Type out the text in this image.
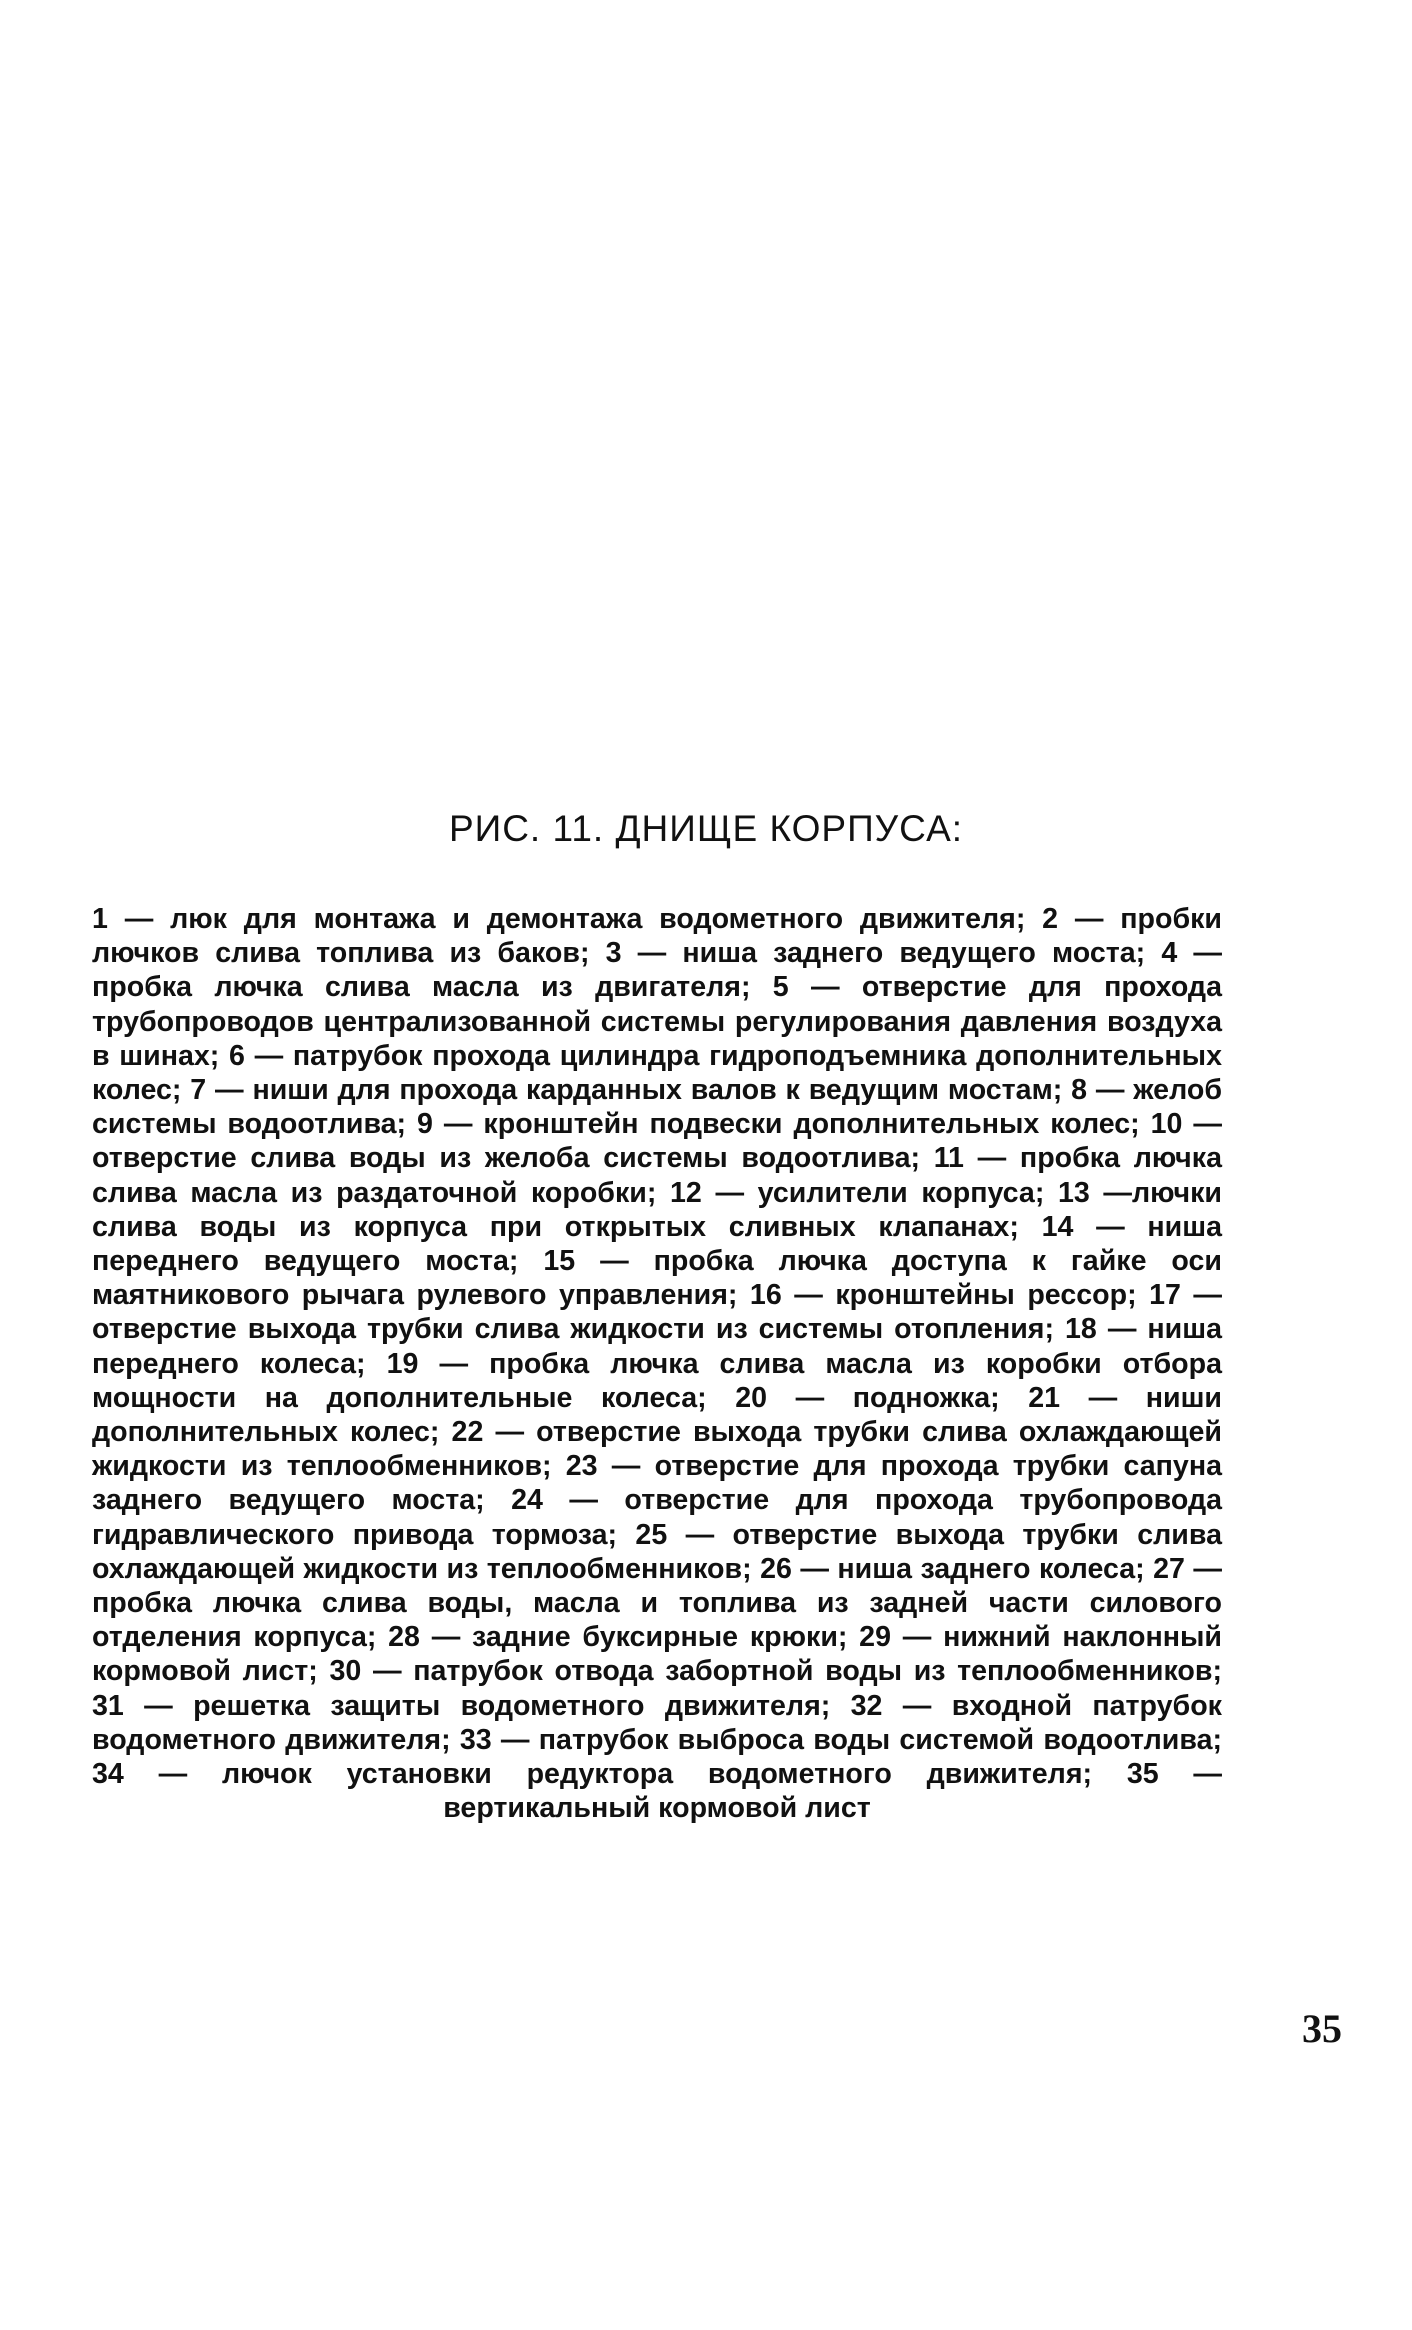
РИС. 11. ДНИЩЕ КОРПУСА:

1 — люк для монтажа и демонтажа водометного движителя; 2 — пробки лючков слива топлива из баков; 3 — ниша заднего ведущего моста; 4 — пробка лючка слива масла из двигателя; 5 — отверстие для прохода трубопроводов централизованной системы регулирования давления воздуха в шинах; 6 — патрубок прохода цилиндра гидроподъемника дополнительных колес; 7 — ниши для прохода карданных валов к ведущим мостам; 8 — желоб системы водоотлива; 9 — кронштейн подвески дополнительных колес; 10 — отверстие слива воды из желоба системы водоотлива; 11 — пробка лючка слива масла из раздаточной коробки; 12 — усилители корпуса; 13 —лючки слива воды из корпуса при открытых сливных клапанах; 14 — ниша переднего ведущего моста; 15 — пробка лючка доступа к гайке оси маятникового рычага рулевого управления; 16 — кронштейны рессор; 17 — отверстие выхода трубки слива жидкости из системы отопления; 18 — ниша переднего колеса; 19 — пробка лючка слива масла из коробки отбора мощности на дополнительные колеса; 20 — подножка; 21 — ниши дополнительных колес; 22 — отверстие выхода трубки слива охлаждающей жидкости из теплообменников; 23 — отверстие для прохода трубки сапуна заднего ведущего моста; 24 — отверстие для прохода трубопровода гидравлического привода тормоза; 25 — отверстие выхода трубки слива охлаждающей жидкости из теплообменников; 26 — ниша заднего колеса; 27 — пробка лючка слива воды, масла и топлива из задней части силового отделения корпуса; 28 — задние буксирные крюки; 29 — нижний наклонный кормовой лист; 30 — патрубок отвода забортной воды из теплообменников; 31 — решетка защиты водометного движителя; 32 — входной патрубок водометного движителя; 33 — патрубок выброса воды системой водоотлива; 34 — лючок установки редуктора водометного движителя; 35 — вертикальный кормовой лист

35
